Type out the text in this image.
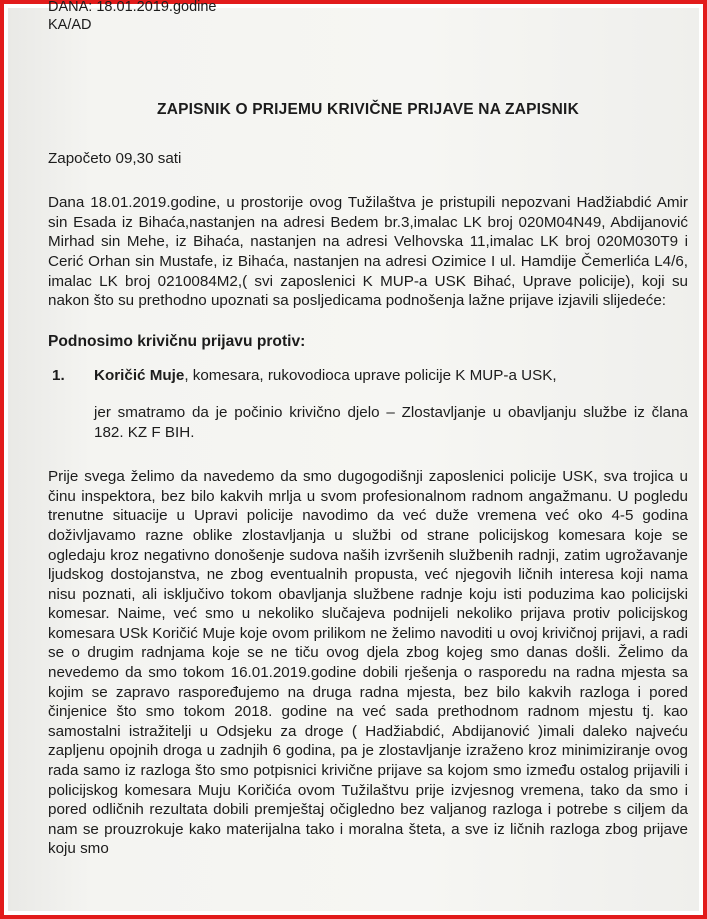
DANA: 18.01.2019.godine
KA/AD
ZAPISNIK O PRIJEMU KRIVIČNE PRIJAVE NA ZAPISNIK
Započeto 09,30 sati
Dana 18.01.2019.godine, u prostorije ovog Tužilaštva je pristupili nepozvani Hadžiabdić Amir sin Esada iz Bihaća,nastanjen na adresi Bedem br.3,imalac LK broj 020M04N49, Abdijanović Mirhad sin Mehe, iz Bihaća, nastanjen na adresi Velhovska 11,imalac LK broj 020M030T9 i Cerić Orhan sin Mustafe, iz Bihaća, nastanjen na adresi Ozimice I ul. Hamdije Čemerlića L4/6, imalac LK broj 0210084M2,( svi zaposlenici K MUP-a USK Bihać, Uprave policije), koji su nakon što su prethodno upoznati sa posljedicama podnošenja lažne prijave izjavili slijedeće:
Podnosimo krivičnu prijavu protiv:
1.	Koričić Muje, komesara, rukovodioca uprave policije K MUP-a USK,
jer smatramo da je počinio krivično djelo – Zlostavljanje u obavljanju službe iz člana 182. KZ F BIH.
Prije svega želimo da navedemo da smo dugogodišnji zaposlenici policije USK, sva trojica u činu inspektora, bez bilo kakvih mrlja u svom profesionalnom radnom angažmanu. U pogledu trenutne situacije u Upravi policije navodimo da već duže vremena već oko 4-5 godina doživljavamo razne oblike zlostavljanja u službi od strane policijskog komesara koje se ogledaju kroz negativno donošenje sudova naših izvršenih službenih radnji, zatim ugrožavanje ljudskog dostojanstva, ne zbog eventualnih propusta, već njegovih ličnih interesa koji nama nisu poznati, ali isključivo tokom obavljanja službene radnje koju isti poduzima kao policijski komesar. Naime, već smo u nekoliko slučajeva podnijeli nekoliko prijava protiv policijskog komesara USk Koričić Muje koje ovom prilikom ne želimo navoditi u ovoj krivičnoj prijavi, a radi se o drugim radnjama koje se ne tiču ovog djela zbog kojeg smo danas došli. Želimo da nevedemo da smo tokom 16.01.2019.godine dobili rješenja o rasporedu na radna mjesta sa kojim se zapravo raspoređujemo na druga radna mjesta, bez bilo kakvih razloga i pored činjenice što smo tokom 2018. godine na već sada prethodnom radnom mjestu tj. kao samostalni istražitelji u Odsjeku za droge ( Hadžiabdić, Abdijanović )imali daleko najveću zapljenu opojnih droga u zadnjih 6 godina, pa je zlostavljanje izraženo kroz minimiziranje ovog rada samo iz razloga što smo potpisnici krivične prijave sa kojom smo između ostalog prijavili i policijskog komesara Muju Koričića ovom Tužilaštvu prije izvjesnog vremena, tako da smo i pored odličnih rezultata dobili premještaj očigledno bez valjanog razloga i potrebe s ciljem da nam se prouzrokuje kako materijalna tako i moralna šteta, a sve iz ličnih razloga zbog prijave koju smo
